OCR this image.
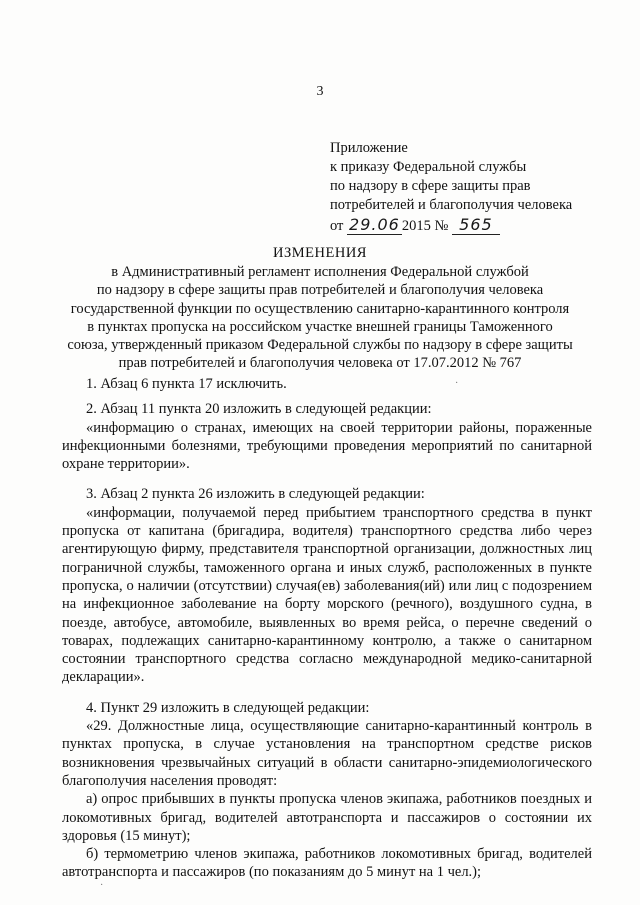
3
Приложение
к приказу Федеральной службы
по надзору в сфере защиты прав
потребителей и благополучия человека
от 29.06 2015 № 565
ИЗМЕНЕНИЯ
в Административный регламент исполнения Федеральной службой
по надзору в сфере защиты прав потребителей и благополучия человека
государственной функции по осуществлению санитарно-карантинного контроля
в пунктах пропуска на российском участке внешней границы Таможенного
союза, утвержденный приказом Федеральной службы по надзору в сфере защиты
прав потребителей и благополучия человека от 17.07.2012 № 767

1. Абзац 6 пункта 17 исключить.

2. Абзац 11 пункта 20 изложить в следующей редакции:

«информацию о странах, имеющих на своей территории районы, пораженные инфекционными болезнями, требующими проведения мероприятий по санитарной охране территории».

3. Абзац 2 пункта 26 изложить в следующей редакции:

«информации, получаемой перед прибытием транспортного средства в пункт пропуска от капитана (бригадира, водителя) транспортного средства либо через агентирующую фирму, представителя транспортной организации, должностных лиц пограничной службы, таможенного органа и иных служб, расположенных в пункте пропуска, о наличии (отсутствии) случая(ев) заболевания(ий) или лиц с подозрением на инфекционное заболевание на борту морского (речного), воздушного судна, в поезде, автобусе, автомобиле, выявленных во время рейса, о перечне сведений о товарах, подлежащих санитарно-карантинному контролю, а также о санитарном состоянии транспортного средства согласно международной медико-санитарной декларации».

4. Пункт 29 изложить в следующей редакции:

«29. Должностные лица, осуществляющие санитарно-карантинный контроль в пунктах пропуска, в случае установления на транспортном средстве рисков возникновения чрезвычайных ситуаций в области санитарно-эпидемиологического благополучия населения проводят:

а) опрос прибывших в пункты пропуска членов экипажа, работников поездных и локомотивных бригад, водителей автотранспорта и пассажиров о состоянии их здоровья (15 минут);

б) термометрию членов экипажа, работников локомотивных бригад, водителей автотранспорта и пассажиров (по показаниям до 5 минут на 1 чел.);

·
·
